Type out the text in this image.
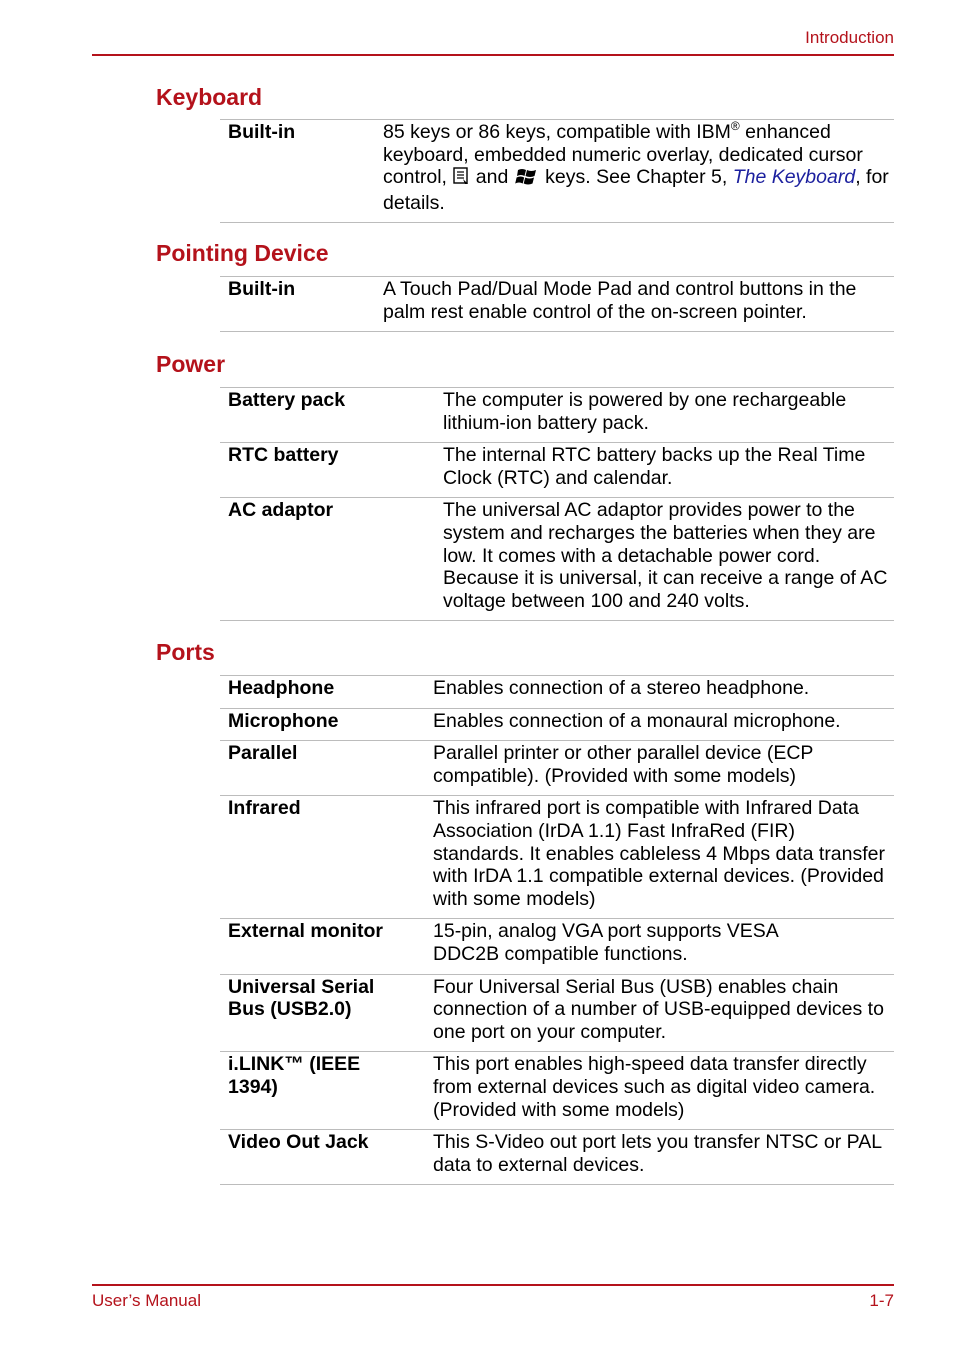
Introduction
Keyboard
Built-in	85 keys or 86 keys, compatible with IBM® enhanced keyboard, embedded numeric overlay, dedicated cursor control,  and  keys. See Chapter 5, The Keyboard, for details.
Pointing Device
Built-in	A Touch Pad/Dual Mode Pad and control buttons in the palm rest enable control of the on-screen pointer.
Power
Battery pack	The computer is powered by one rechargeable lithium-ion battery pack.
RTC battery	The internal RTC battery backs up the Real Time Clock (RTC) and calendar.
AC adaptor	The universal AC adaptor provides power to the system and recharges the batteries when they are low. It comes with a detachable power cord. Because it is universal, it can receive a range of AC voltage between 100 and 240 volts.
Ports
Headphone	Enables connection of a stereo headphone.
Microphone	Enables connection of a monaural microphone.
Parallel	Parallel printer or other parallel device (ECP compatible). (Provided with some models)
Infrared	This infrared port is compatible with Infrared Data Association (IrDA 1.1) Fast InfraRed (FIR) standards. It enables cableless 4 Mbps data transfer with IrDA 1.1 compatible external devices. (Provided with some models)
External monitor	15-pin, analog VGA port supports VESA DDC2B compatible functions.
Universal Serial Bus (USB2.0)	Four Universal Serial Bus (USB) enables chain connection of a number of USB-equipped devices to one port on your computer.
i.LINK™ (IEEE 1394)	This port enables high-speed data transfer directly from external devices such as digital video camera. (Provided with some models)
Video Out Jack	This S-Video out port lets you transfer NTSC or PAL data to external devices.
User’s Manual	1-7
